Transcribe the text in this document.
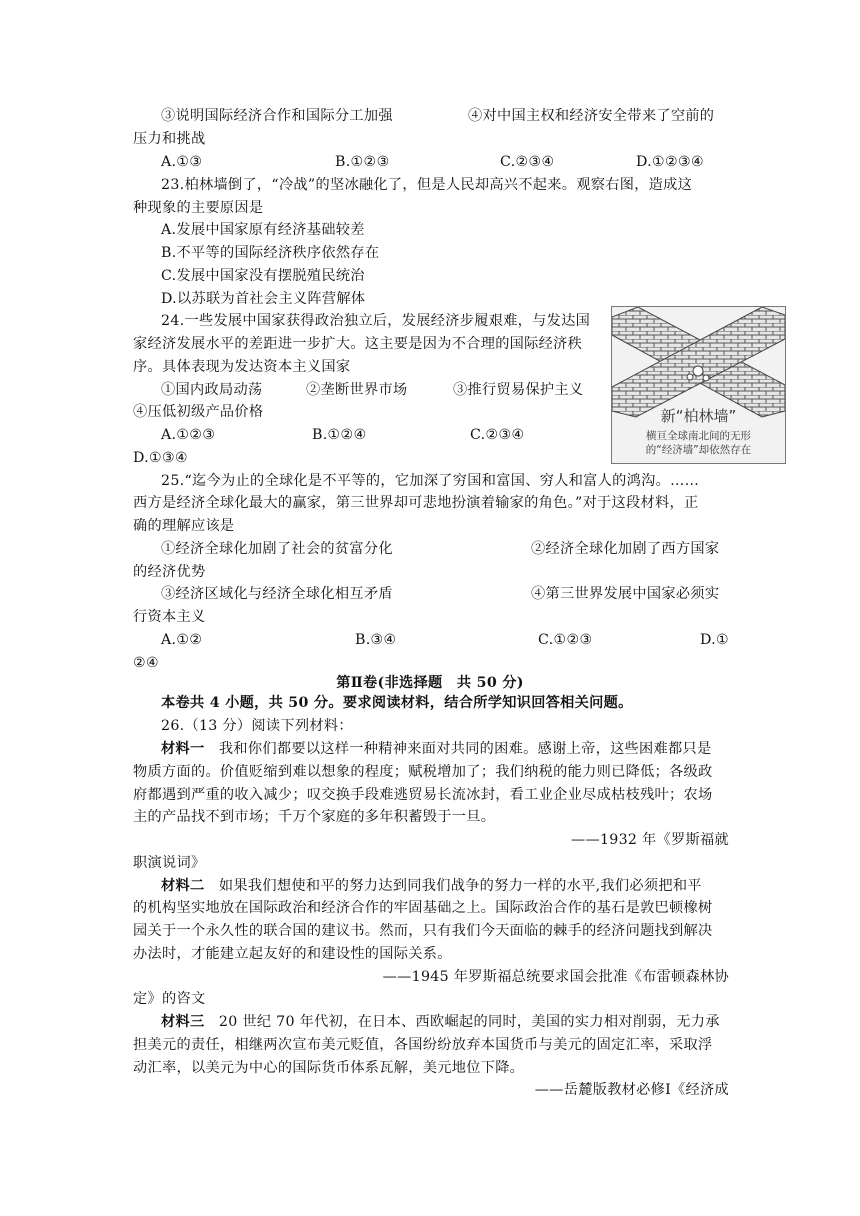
③说明国际经济合作和国际分工加强	④对中国主权和经济安全带来了空前的
压力和挑战
A.①③	B.①②③	C.②③④	D.①②③④
23.柏林墙倒了，“冷战”的坚冰融化了，但是人民却高兴不起来。观察右图，造成这
种现象的主要原因是
A.发展中国家原有经济基础较差
B.不平等的国际经济秩序依然存在
C.发展中国家没有摆脱殖民统治
D.以苏联为首社会主义阵营解体
24.一些发展中国家获得政治独立后，发展经济步履艰难，与发达国
家经济发展水平的差距进一步扩大。这主要是因为不合理的国际经济秩
序。具体表现为发达资本主义国家
①国内政局动荡	②垄断世界市场	③推行贸易保护主义
④压低初级产品价格
A.①②③	B.①②④	C.②③④
D.①③④
新“柏林墙”
横亘全球南北间的无形
的“经济墙”却依然存在
25.“迄今为止的全球化是不平等的，它加深了穷国和富国、穷人和富人的鸿沟。……
西方是经济全球化最大的赢家，第三世界却可悲地扮演着输家的角色。”对于这段材料，正
确的理解应该是
①经济全球化加剧了社会的贫富分化	②经济全球化加剧了西方国家
的经济优势
③经济区域化与经济全球化相互矛盾	④第三世界发展中国家必须实
行资本主义
A.①②	B.③④	C.①②③	D.①
②④
第Ⅱ卷(非选择题　共 50 分)
本卷共 4 小题，共 50 分。要求阅读材料，结合所学知识回答相关问题。
26.（13 分）阅读下列材料：
材料一 我和你们都要以这样一种精神来面对共同的困难。感谢上帝，这些困难都只是
物质方面的。价值贬缩到难以想象的程度；赋税增加了；我们纳税的能力则已降低；各级政
府都遇到严重的收入减少；叹交换手段难逃贸易长流冰封，看工业企业尽成枯枝残叶；农场
主的产品找不到市场；千万个家庭的多年积蓄毁于一旦。
——1932 年《罗斯福就
职演说词》
材料二 如果我们想使和平的努力达到同我们战争的努力一样的水平,我们必须把和平
的机构坚实地放在国际政治和经济合作的牢固基础之上。国际政治合作的基石是敦巴顿橡树
园关于一个永久性的联合国的建议书。然而，只有我们今天面临的棘手的经济问题找到解决
办法时，才能建立起友好的和建设性的国际关系。
——1945 年罗斯福总统要求国会批准《布雷顿森林协
定》的咨文
材料三 20 世纪 70 年代初，在日本、西欧崛起的同时，美国的实力相对削弱，无力承
担美元的责任，相继两次宣布美元贬值，各国纷纷放弃本国货币与美元的固定汇率，采取浮
动汇率，以美元为中心的国际货币体系瓦解，美元地位下降。
——岳麓版教材必修Ⅰ《经济成
